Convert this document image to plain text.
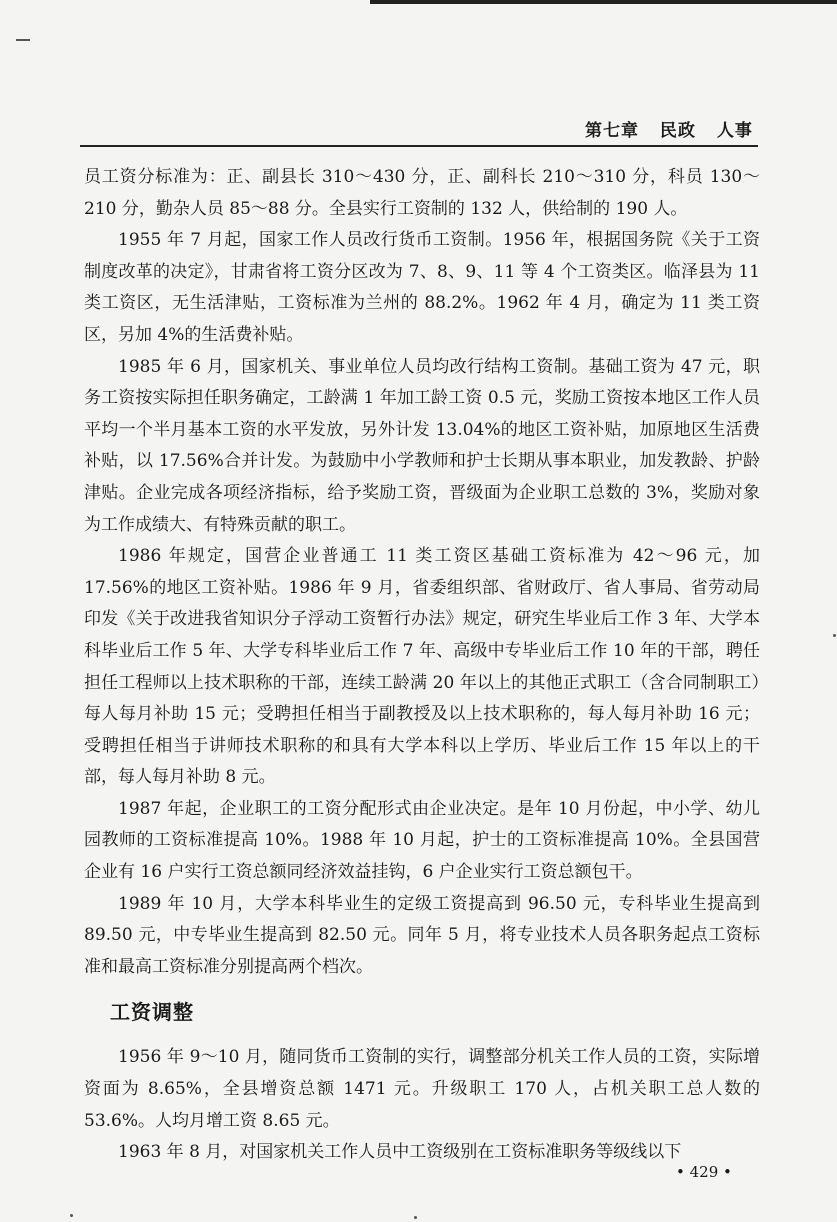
第七章 民政 人事

员工资分标准为：正、副县长 310～430 分，正、副科长 210～310 分，科员 130～210 分，勤杂人员 85～88 分。全县实行工资制的 132 人，供给制的 190 人。

1955 年 7 月起，国家工作人员改行货币工资制。1956 年，根据国务院《关于工资制度改革的决定》，甘肃省将工资分区改为 7、8、9、11 等 4 个工资类区。临泽县为 11 类工资区，无生活津贴，工资标准为兰州的 88.2%。1962 年 4 月，确定为 11 类工资区，另加 4%的生活费补贴。

1985 年 6 月，国家机关、事业单位人员均改行结构工资制。基础工资为 47 元，职务工资按实际担任职务确定，工龄满 1 年加工龄工资 0.5 元，奖励工资按本地区工作人员平均一个半月基本工资的水平发放，另外计发 13.04%的地区工资补贴，加原地区生活费补贴，以 17.56%合并计发。为鼓励中小学教师和护士长期从事本职业，加发教龄、护龄津贴。企业完成各项经济指标，给予奖励工资，晋级面为企业职工总数的 3%，奖励对象为工作成绩大、有特殊贡献的职工。

1986 年规定，国营企业普通工 11 类工资区基础工资标准为 42～96 元，加 17.56%的地区工资补贴。1986 年 9 月，省委组织部、省财政厅、省人事局、省劳动局印发《关于改进我省知识分子浮动工资暂行办法》规定，研究生毕业后工作 3 年、大学本科毕业后工作 5 年、大学专科毕业后工作 7 年、高级中专毕业后工作 10 年的干部，聘任担任工程师以上技术职称的干部，连续工龄满 20 年以上的其他正式职工（含合同制职工）每人每月补助 15 元；受聘担任相当于副教授及以上技术职称的，每人每月补助 16 元；受聘担任相当于讲师技术职称的和具有大学本科以上学历、毕业后工作 15 年以上的干部，每人每月补助 8 元。

1987 年起，企业职工的工资分配形式由企业决定。是年 10 月份起，中小学、幼儿园教师的工资标准提高 10%。1988 年 10 月起，护士的工资标准提高 10%。全县国营企业有 16 户实行工资总额同经济效益挂钩，6 户企业实行工资总额包干。

1989 年 10 月，大学本科毕业生的定级工资提高到 96.50 元，专科毕业生提高到 89.50 元，中专毕业生提高到 82.50 元。同年 5 月，将专业技术人员各职务起点工资标准和最高工资标准分别提高两个档次。

工资调整

1956 年 9～10 月，随同货币工资制的实行，调整部分机关工作人员的工资，实际增资面为 8.65%，全县增资总额 1471 元。升级职工 170 人，占机关职工总人数的 53.6%。人均月增工资 8.65 元。

1963 年 8 月，对国家机关工作人员中工资级别在工资标准职务等级线以下

• 429 •
